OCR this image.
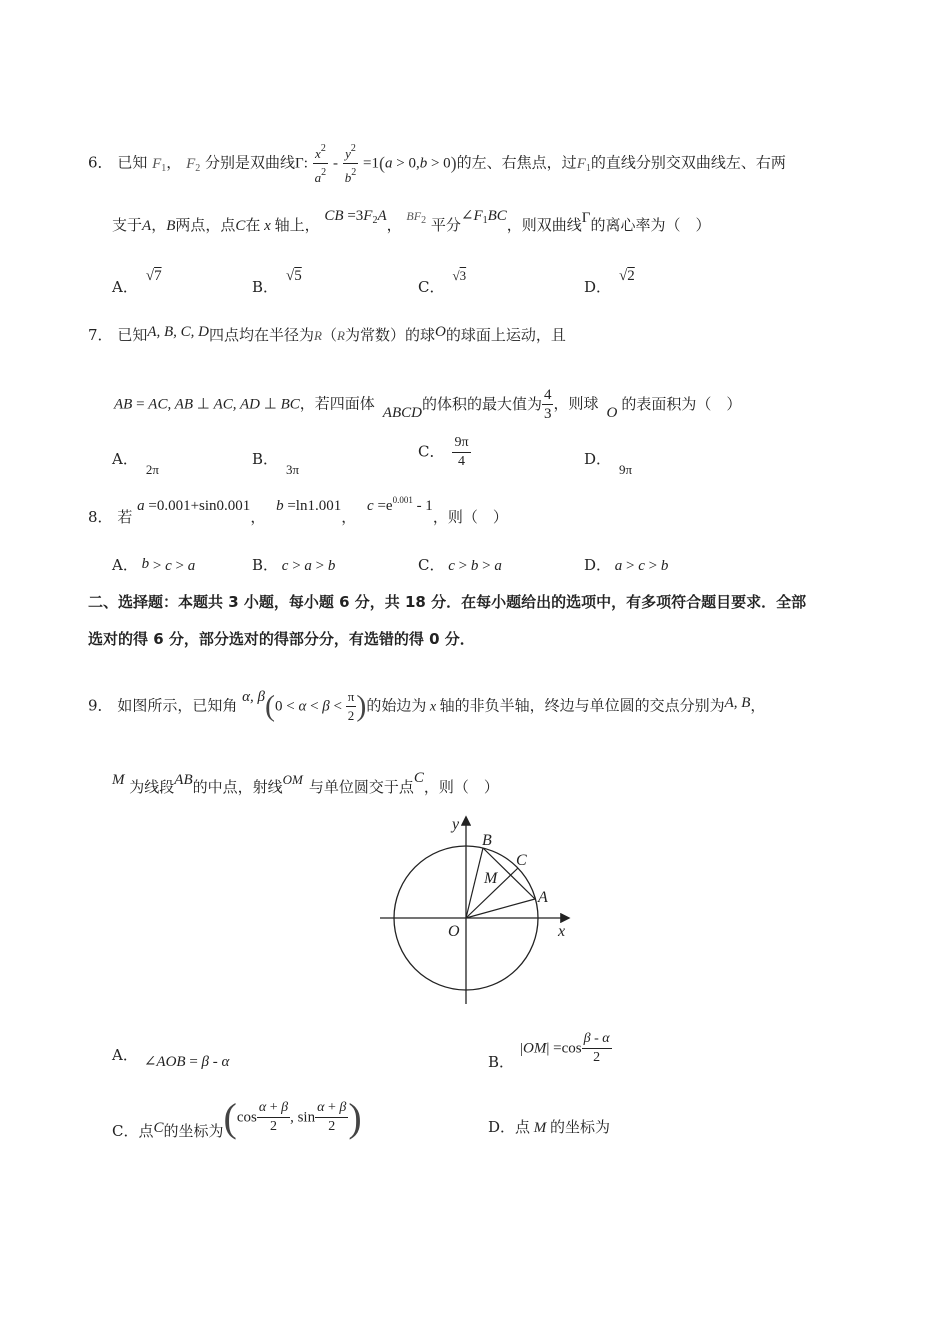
6． 已知 $F_1$， $F_2$ 分别是双曲线Γ: $\frac{x^2}{a^2} - \frac{y^2}{b^2} =1(a > 0,b > 0)$的左、右焦点，过$F_1$的直线分别交双曲线左、右两
支于A，B两点，点C在 x 轴上， CB $=3F_2A$， $^{BF_2}$ 平分$\angle F_1BC$，则双曲线Γ的离心率为（　）
A．√7
B．√5
C．√3
D．√2
7． 已知A, B, C, D四点均在半径为R（R为常数）的球O的球面上运动，且
AB = AC, AB ⊥ AC, AD ⊥ BC，若四面体 ABCD的体积的最大值为 $\frac{4}{3}$ ，则球 O 的表面积为（　）
A．2π
B．3π
C． $\frac{9\pi}{4}$	D．9π
8． 若 a =0.001+sin0.001， b =ln1.001， $c =e^{0.001} - 1$，则（　）
A． b > c > a	B． c > a > b	C． c > b > a	D． a > c > b
二、选择题：本题共 3 小题，每小题 6 分，共 18 分．在每小题给出的选项中，有多项符合题目要求．全部
选对的得 6 分，部分选对的得部分分，有选错的得 0 分．
9． 如图所示，已知角 α, $\beta(0 < \alpha < \beta < \frac{\pi}{2}$ )的始边为 x 轴的非负半轴，终边与单位圆的交点分别为A, B，
M 为线段AB的中点，射线OM 与单位圆交于点C，则（　）
y
B
C
M
A
O	x
A． ∠AOB = β - α	B．$|OM| =\cos \frac{\beta - \alpha}{2}$
C．点C的坐标为($\cos \frac{\alpha + \beta}{2}$ , $\sin \frac{\alpha + \beta}{2}$ )	D．点 M 的坐标为
